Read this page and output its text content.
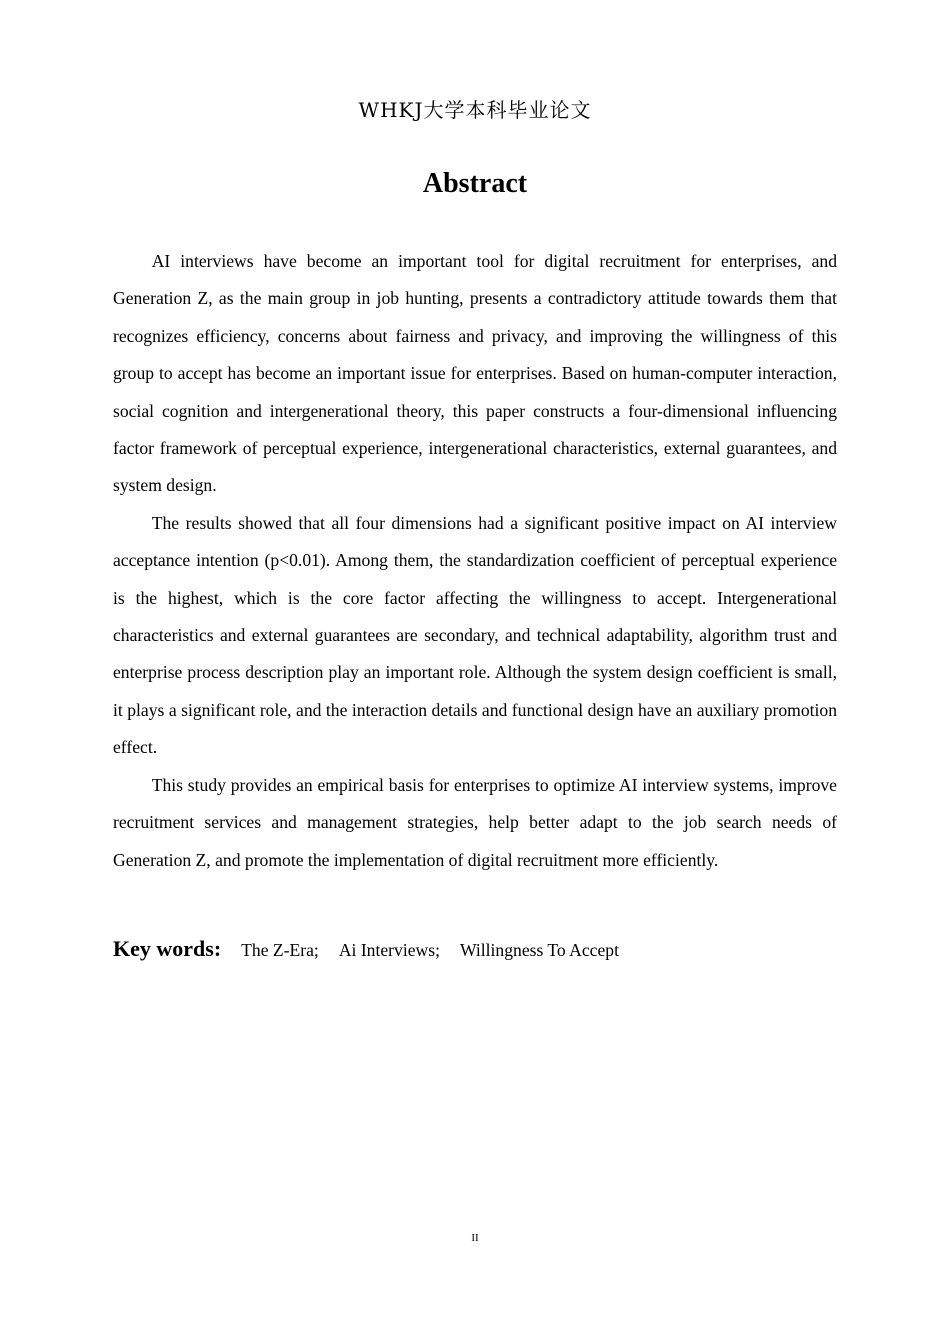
WHKJ大学本科毕业论文
Abstract

AI interviews have become an important tool for digital recruitment for enterprises, and Generation Z, as the main group in job hunting, presents a contradictory attitude towards them that recognizes efficiency, concerns about fairness and privacy, and improving the willingness of this group to accept has become an important issue for enterprises. Based on human-computer interaction, social cognition and intergenerational theory, this paper constructs a four-dimensional influencing factor framework of perceptual experience, intergenerational characteristics, external guarantees, and system design.

The results showed that all four dimensions had a significant positive impact on AI interview acceptance intention (p<0.01). Among them, the standardization coefficient of perceptual experience is the highest, which is the core factor affecting the willingness to accept. Intergenerational characteristics and external guarantees are secondary, and technical adaptability, algorithm trust and enterprise process description play an important role. Although the system design coefficient is small, it plays a significant role, and the interaction details and functional design have an auxiliary promotion effect.

This study provides an empirical basis for enterprises to optimize AI interview systems, improve recruitment services and management strategies, help better adapt to the job search needs of Generation Z, and promote the implementation of digital recruitment more efficiently.

Key words: The Z-Era; Ai Interviews; Willingness To Accept
II
